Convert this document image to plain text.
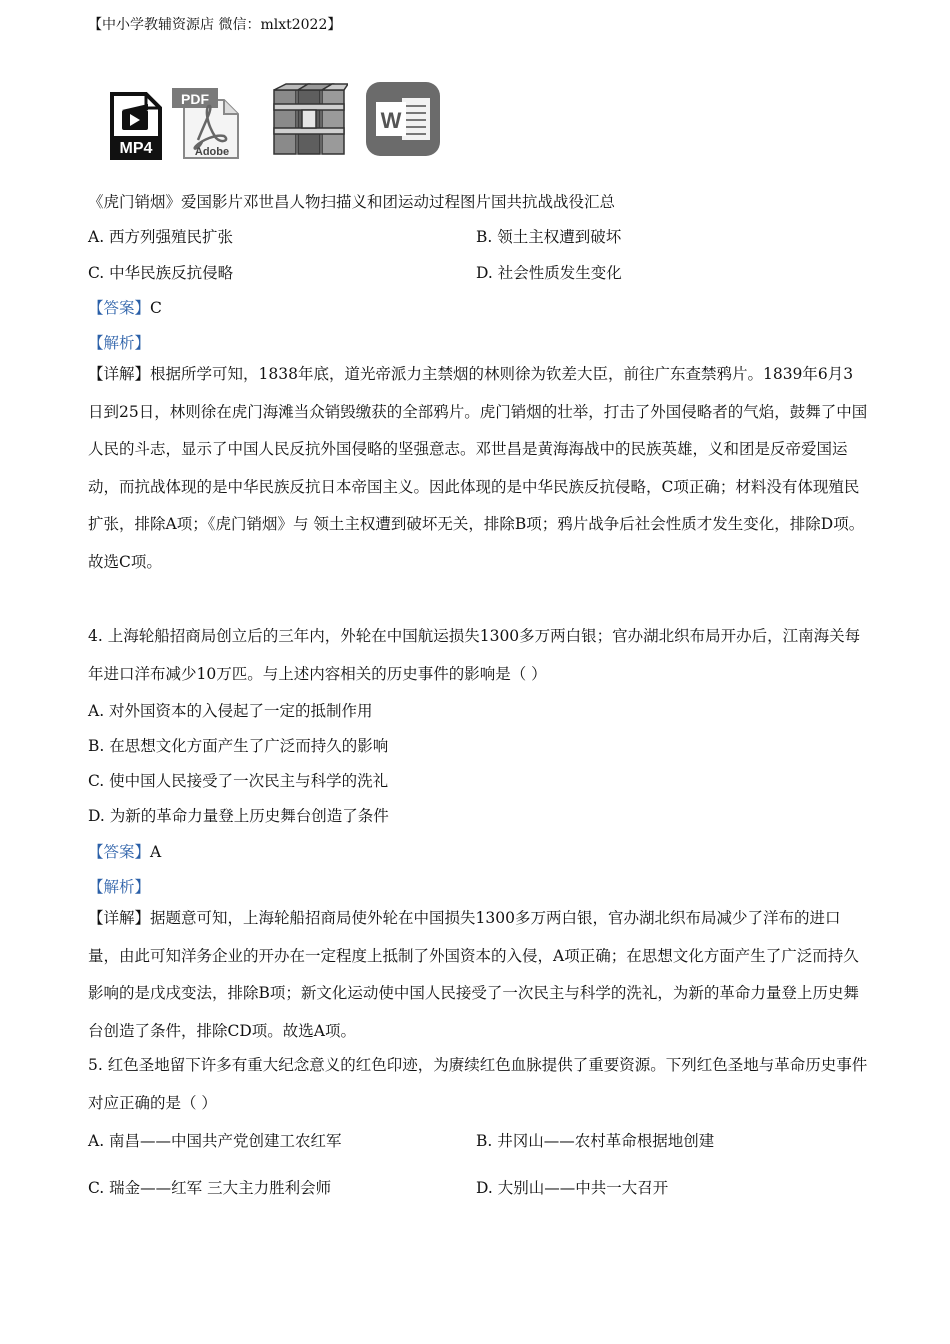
【中小学教辅资源店 微信：mlxt2022】
MP4
PDF
Adobe
W
《虎门销烟》爱国影片邓世昌人物扫描义和团运动过程图片国共抗战战役汇总
A. 西方列强殖民扩张	B. 领土主权遭到破坏
C. 中华民族反抗侵略	D. 社会性质发生变化
【答案】C
【解析】
【详解】根据所学可知，1838年底，道光帝派力主禁烟的林则徐为钦差大臣，前往广东查禁鸦片。1839年6月3日到25日，林则徐在虎门海滩当众销毁缴获的全部鸦片。虎门销烟的壮举，打击了外国侵略者的气焰，鼓舞了中国人民的斗志，显示了中国人民反抗外国侵略的坚强意志。邓世昌是黄海海战中的民族英雄，义和团是反帝爱国运动，而抗战体现的是中华民族反抗日本帝国主义。因此体现的是中华民族反抗侵略，C项正确；材料没有体现殖民扩张，排除A项；《虎门销烟》与 领土主权遭到破坏无关，排除B项；鸦片战争后社会性质才发生变化，排除D项。故选C项。
4. 上海轮船招商局创立后的三年内，外轮在中国航运损失1300多万两白银；官办湖北织布局开办后，江南海关每年进口洋布减少10万匹。与上述内容相关的历史事件的影响是（ ）
A. 对外国资本的入侵起了一定的抵制作用
B. 在思想文化方面产生了广泛而持久的影响
C. 使中国人民接受了一次民主与科学的洗礼
D. 为新的革命力量登上历史舞台创造了条件
【答案】A
【解析】
【详解】据题意可知，上海轮船招商局使外轮在中国损失1300多万两白银，官办湖北织布局减少了洋布的进口量，由此可知洋务企业的开办在一定程度上抵制了外国资本的入侵，A项正确；在思想文化方面产生了广泛而持久影响的是戊戌变法，排除B项；新文化运动使中国人民接受了一次民主与科学的洗礼，为新的革命力量登上历史舞台创造了条件，排除CD项。故选A项。
5. 红色圣地留下许多有重大纪念意义的红色印迹，为赓续红色血脉提供了重要资源。下列红色圣地与革命历史事件对应正确的是（ ）
A. 南昌——中国共产党创建工农红军	B. 井冈山——农村革命根据地创建
C. 瑞金——红军 三大主力胜利会师	D. 大别山——中共一大召开
